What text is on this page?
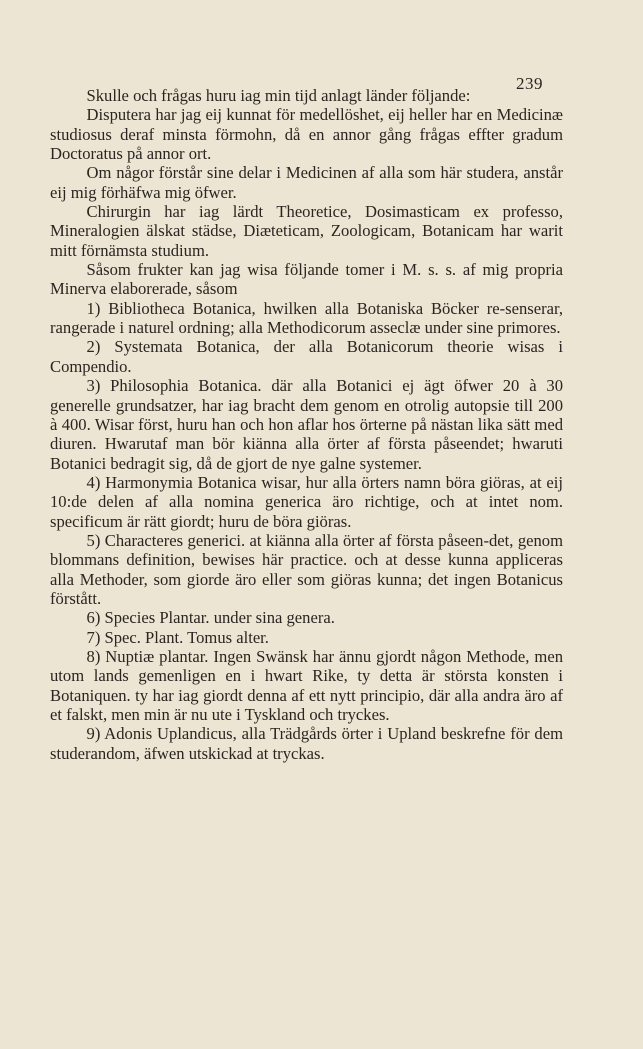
239

Skulle och frågas huru iag min tijd anlagt länder följande:

Disputera har jag eij kunnat för medellöshet, eij heller har en Medicinæ studiosus deraf minsta förmohn, då en annor gång frågas effter gradum Doctoratus på annor ort.

Om någor förstår sine delar i Medicinen af alla som här studera, anstår eij mig förhäfwa mig öfwer.

Chirurgin har iag lärdt Theoretice, Dosimasticam ex professo, Mineralogien älskat städse, Diæteticam, Zoologicam, Botanicam har warit mitt förnämsta studium.

Såsom frukter kan jag wisa följande tomer i M. s. s. af mig propria Minerva elaborerade, såsom

1) Bibliotheca Botanica, hwilken alla Botaniska Böcker re-senserar, rangerade i naturel ordning; alla Methodicorum asseclæ under sine primores.

2) Systemata Botanica, der alla Botanicorum theorie wisas i Compendio.

3) Philosophia Botanica. där alla Botanici ej ägt öfwer 20 à 30 generelle grundsatzer, har iag bracht dem genom en otrolig autopsie till 200 à 400. Wisar först, huru han och hon aflar hos örterne på nästan lika sätt med diuren. Hwarutaf man bör kiänna alla örter af första påseendet; hwaruti Botanici bedragit sig, då de gjort de nye galne systemer.

4) Harmonymia Botanica wisar, hur alla örters namn böra giöras, at eij 10:de delen af alla nomina generica äro richtige, och at intet nom. specificum är rätt giordt; huru de böra giöras.

5) Characteres generici. at kiänna alla örter af första påseen-det, genom blommans definition, bewises här practice. och at desse kunna appliceras alla Methoder, som giorde äro eller som giöras kunna; det ingen Botanicus förstått.

6) Species Plantar. under sina genera.

7) Spec. Plant. Tomus alter.

8) Nuptiæ plantar. Ingen Swänsk har ännu gjordt någon Methode, men utom lands gemenligen en i hwart Rike, ty detta är största konsten i Botaniquen. ty har iag giordt denna af ett nytt principio, där alla andra äro af et falskt, men min är nu ute i Tyskland och tryckes.

9) Adonis Uplandicus, alla Trädgårds örter i Upland beskrefne för dem studerandom, äfwen utskickad at tryckas.
